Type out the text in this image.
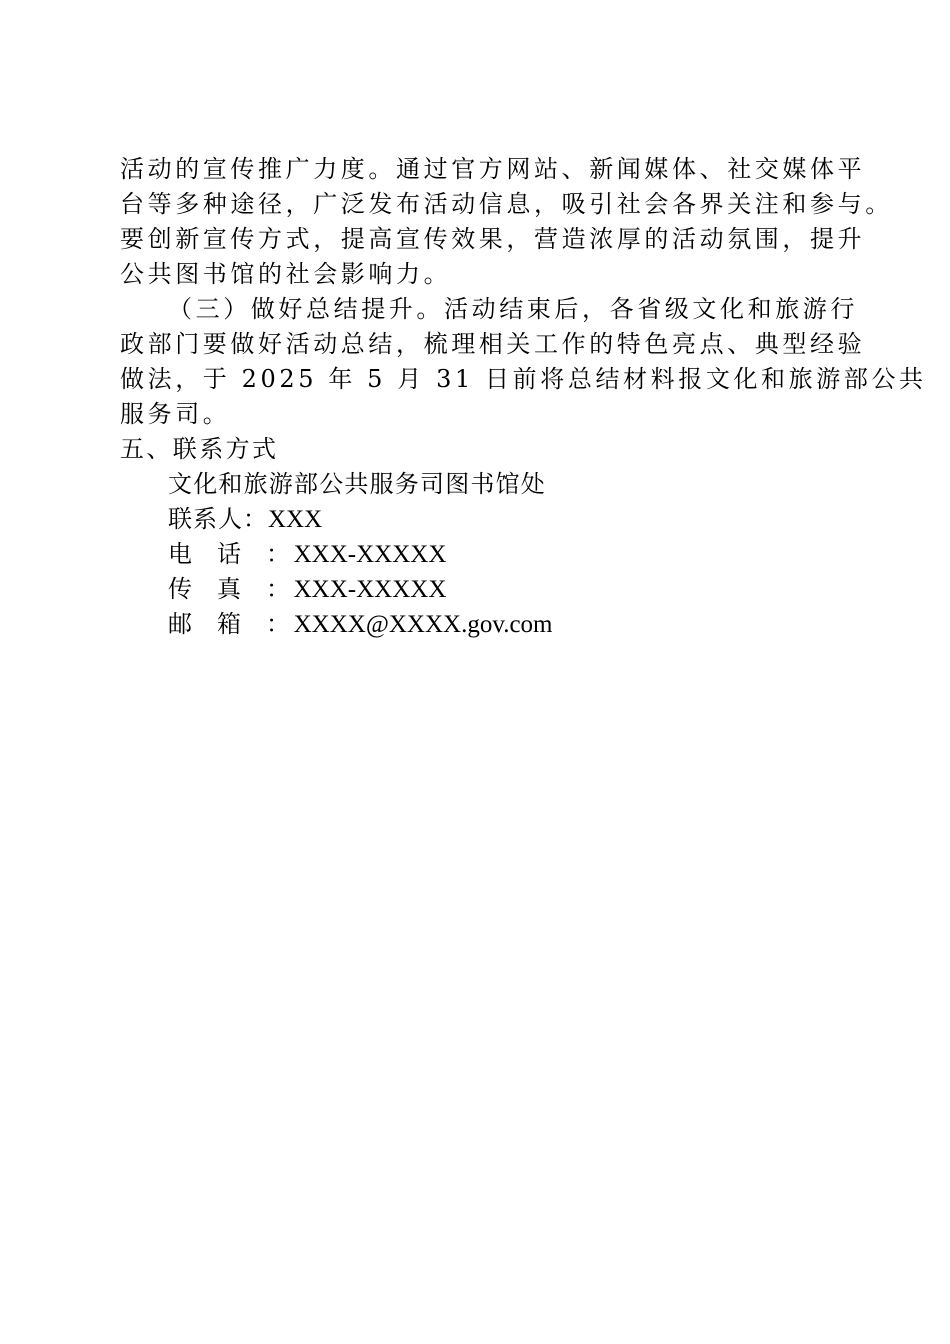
活动的宣传推广力度。通过官方网站、新闻媒体、社交媒体平
台等多种途径，广泛发布活动信息，吸引社会各界关注和参与。
要创新宣传方式，提高宣传效果，营造浓厚的活动氛围，提升
公共图书馆的社会影响力。
（三）做好总结提升。活动结束后，各省级文化和旅游行
政部门要做好活动总结，梳理相关工作的特色亮点、典型经验
做法，于 2025 年 5 月 31 日前将总结材料报文化和旅游部公共
服务司。
五、联系方式
文化和旅游部公共服务司图书馆处
联系人：XXX
电话：XXX-XXXXX
传真：XXX-XXXXX
邮箱：XXXX@XXXX.gov.com
